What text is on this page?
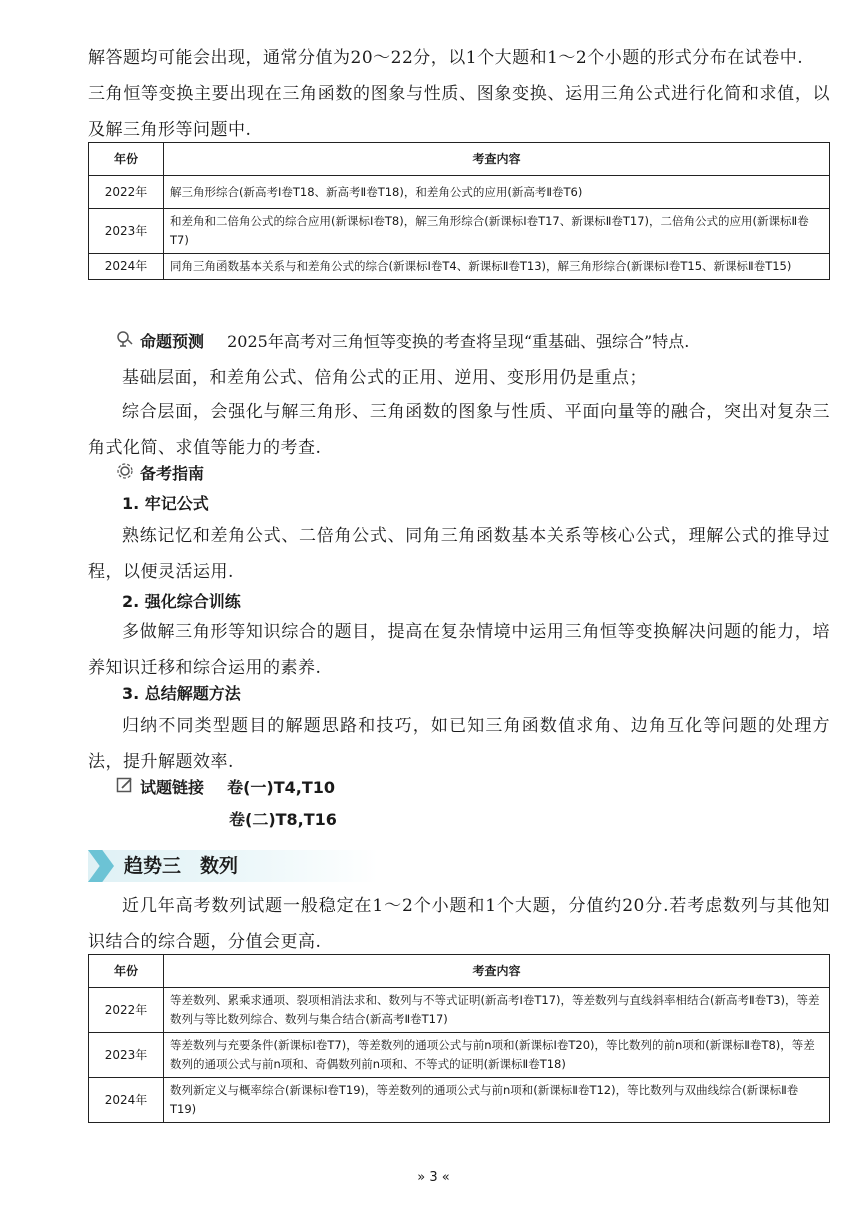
解答题均可能会出现，通常分值为20～22分，以1个大题和1～2个小题的形式分布在试卷中.

三角恒等变换主要出现在三角函数的图象与性质、图象变换、运用三角公式进行化简和求值，以及解三角形等问题中.

年份	考查内容
2022年	解三角形综合(新高考Ⅰ卷T18、新高考Ⅱ卷T18)，和差角公式的应用(新高考Ⅱ卷T6)
2023年	和差角和二倍角公式的综合应用(新课标Ⅰ卷T8)，解三角形综合(新课标Ⅰ卷T17、新课标Ⅱ卷T17)，二倍角公式的应用(新课标Ⅱ卷T7)
2024年	同角三角函数基本关系与和差角公式的综合(新课标Ⅰ卷T4、新课标Ⅱ卷T13)，解三角形综合(新课标Ⅰ卷T15、新课标Ⅱ卷T15)
命题预测 2025年高考对三角恒等变换的考查将呈现“重基础、强综合”特点.

基础层面，和差角公式、倍角公式的正用、逆用、变形用仍是重点；

综合层面，会强化与解三角形、三角函数的图象与性质、平面向量等的融合，突出对复杂三角式化简、求值等能力的考查.

备考指南
1. 牢记公式

熟练记忆和差角公式、二倍角公式、同角三角函数基本关系等核心公式，理解公式的推导过程，以便灵活运用.

2. 强化综合训练

多做解三角形等知识综合的题目，提高在复杂情境中运用三角恒等变换解决问题的能力，培养知识迁移和综合运用的素养.

3. 总结解题方法

归纳不同类型题目的解题思路和技巧，如已知三角函数值求角、边角互化等问题的处理方法，提升解题效率.

试题链接 卷(一)T4,T10
卷(二)T8,T16
趋势三　数列

近几年高考数列试题一般稳定在1～2个小题和1个大题，分值约20分.若考虑数列与其他知识结合的综合题，分值会更高.

年份	考查内容
2022年	等差数列、累乘求通项、裂项相消法求和、数列与不等式证明(新高考Ⅰ卷T17)，等差数列与直线斜率相结合(新高考Ⅱ卷T3)，等差数列与等比数列综合、数列与集合结合(新高考Ⅱ卷T17)
2023年	等差数列与充要条件(新课标Ⅰ卷T7)，等差数列的通项公式与前n项和(新课标Ⅰ卷T20)，等比数列的前n项和(新课标Ⅱ卷T8)，等差数列的通项公式与前n项和、奇偶数列前n项和、不等式的证明(新课标Ⅱ卷T18)
2024年	数列新定义与概率综合(新课标Ⅰ卷T19)，等差数列的通项公式与前n项和(新课标Ⅱ卷T12)，等比数列与双曲线综合(新课标Ⅱ卷T19)
» 3 «
